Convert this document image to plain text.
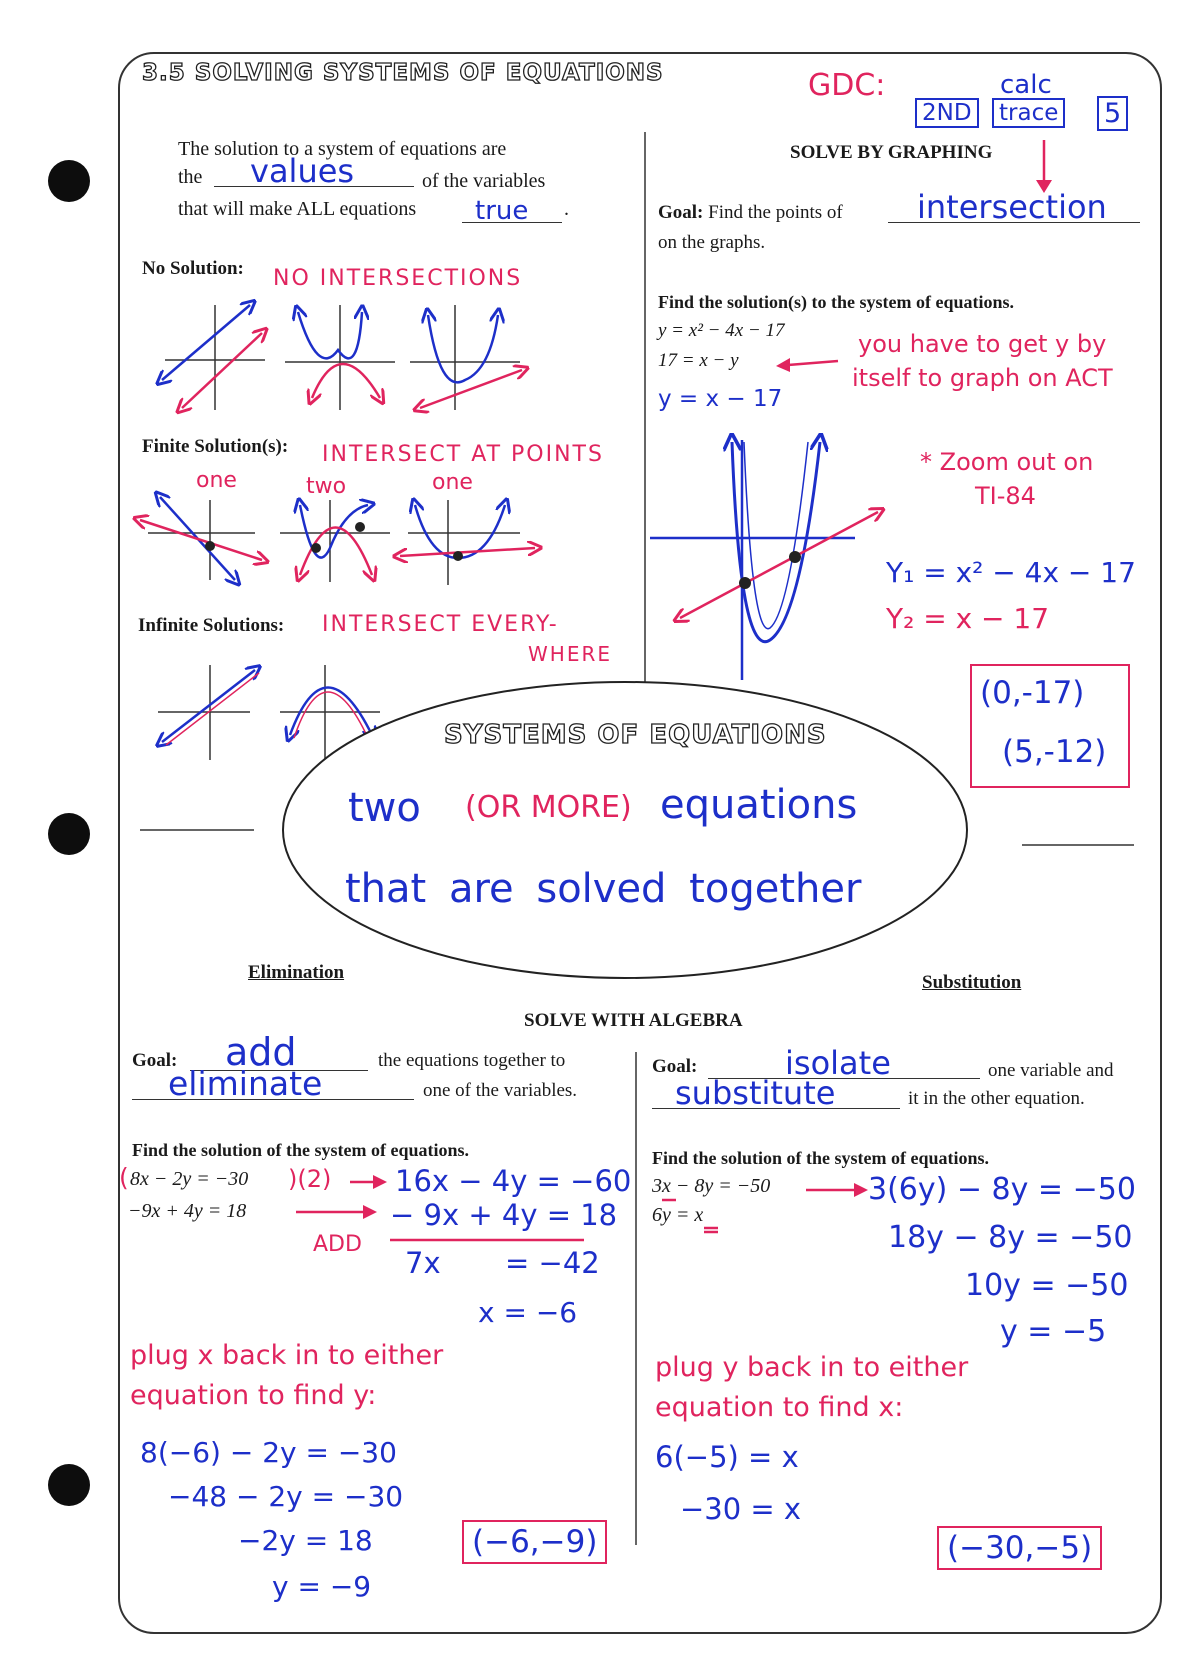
3.5 SOLVING SYSTEMS OF EQUATIONS	GDC:	calc
2ND	trace 5
The solution to a system of equations are
the values	of the variables
that will make ALL equations true .
No Solution: NO INTERSECTIONS
Finite Solution(s): INTERSECT AT POINTS
one	two	one
Infinite Solutions: INTERSECT EVERY-
WHERE
SOLVE BY GRAPHING
Goal: Find the points of intersection
on the graphs.
Find the solution(s) to the system of equations.
y = x² − 4x − 17
17 = x − y
y = x − 17
you have to get y by
itself to graph on ACT
* Zoom out on
TI-84
Y₁ = x² − 4x − 17
Y₂ = x − 17
(0,-17)
(5,-12)
SYSTEMS OF EQUATIONS
two (OR MORE) equations
that are solved together
Elimination	Substitution
SOLVE WITH ALGEBRA
Goal: add	the equations together to
eliminate	one of the variables.
Find the solution of the system of equations.
( 8x − 2y = −30 )(2)
−9x + 4y = 18
16x − 4y = −60
− 9x + 4y = 18
ADD
7x = −42
x = −6
plug x back in to either
equation to find y:
8(−6) − 2y = −30
−48 − 2y = −30
−2y = 18
y = −9
(−6,−9)
Goal:	isolate	one variable and
substitute	it in the other equation.
Find the solution of the system of equations.
3x − 8y = −50
6y = x
3(6y) − 8y = −50
18y − 8y = −50
10y = −50
y = −5
plug y back in to either
equation to find x:
6(−5) = x
−30 = x
(−30,−5)
